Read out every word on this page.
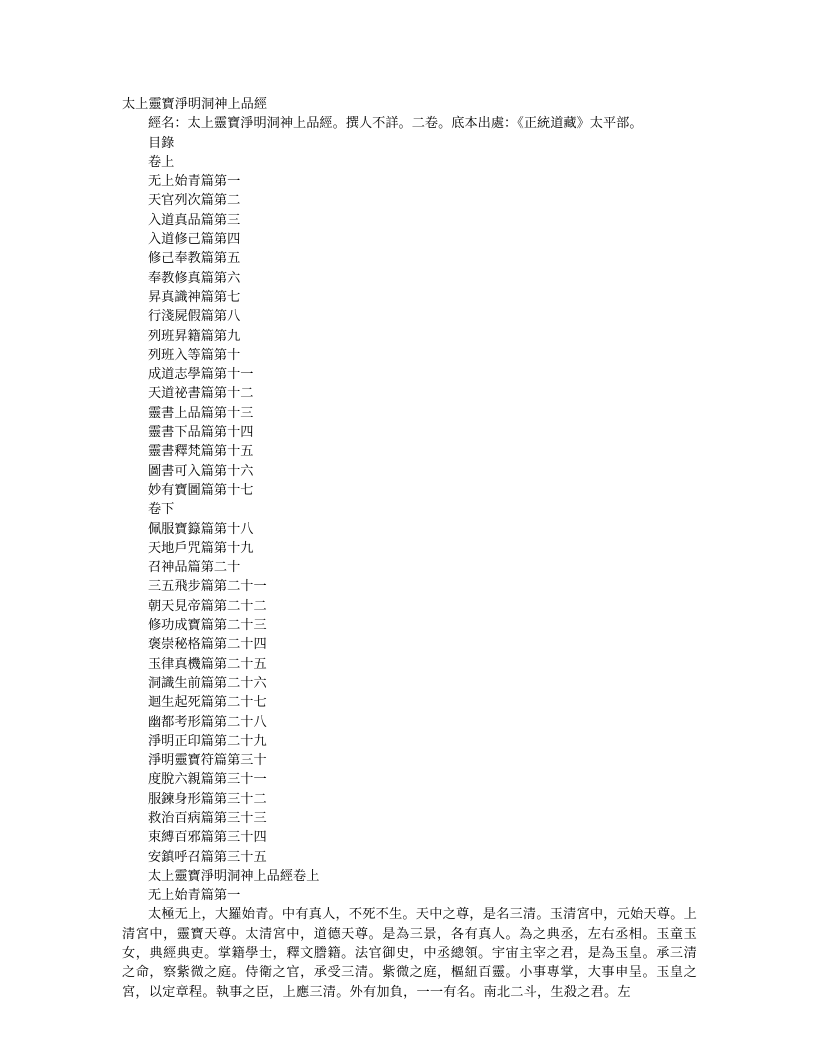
太上靈寶淨明洞神上品經

經名：太上靈寶淨明洞神上品經。撰人不詳。二卷。底本出處：《正統道藏》太平部。

目錄

卷上

无上始青篇第一
天官列次篇第二
入道真品篇第三
入道修己篇第四
修己奉教篇第五
奉教修真篇第六
昇真識神篇第七
行淺屍假篇第八
列班昇籍篇第九
列班入等篇第十
成道志學篇第十一
天道祕書篇第十二
靈書上品篇第十三
靈書下品篇第十四
靈書釋梵篇第十五
圖書可入篇第十六
妙有寶圖篇第十七

卷下

佩服寶籙篇第十八
天地戶咒篇第十九
召神品篇第二十
三五飛步篇第二十一
朝天見帝篇第二十二
修功成寶篇第二十三
褒崇秘格篇第二十四
玉律真機篇第二十五
洞識生前篇第二十六
迴生起死篇第二十七
幽都考形篇第二十八
淨明正印篇第二十九
淨明靈寶符篇第三十
度脫六親篇第三十一
服鍊身形篇第三十二
救治百病篇第三十三
束縛百邪篇第三十四
安鎮呼召篇第三十五

太上靈寶淨明洞神上品經卷上

无上始青篇第一

太極无上，大羅始青。中有真人，不死不生。天中之尊，是名三清。玉清宮中，元始天尊。上清宮中，靈寶天尊。太清宮中，道德天尊。是為三景，各有真人。為之典丞，左右丞相。玉童玉女，典經典吏。掌籍學士，釋文謄籍。法官御史，中丞總領。宇宙主宰之君，是為玉皇。承三清之命，察紫微之庭。侍衛之官，承受三清。紫微之庭，樞紐百靈。小事專掌，大事申呈。玉皇之宮，以定章程。執事之臣，上應三清。外有加負，一一有名。南北二斗，生殺之君。左
